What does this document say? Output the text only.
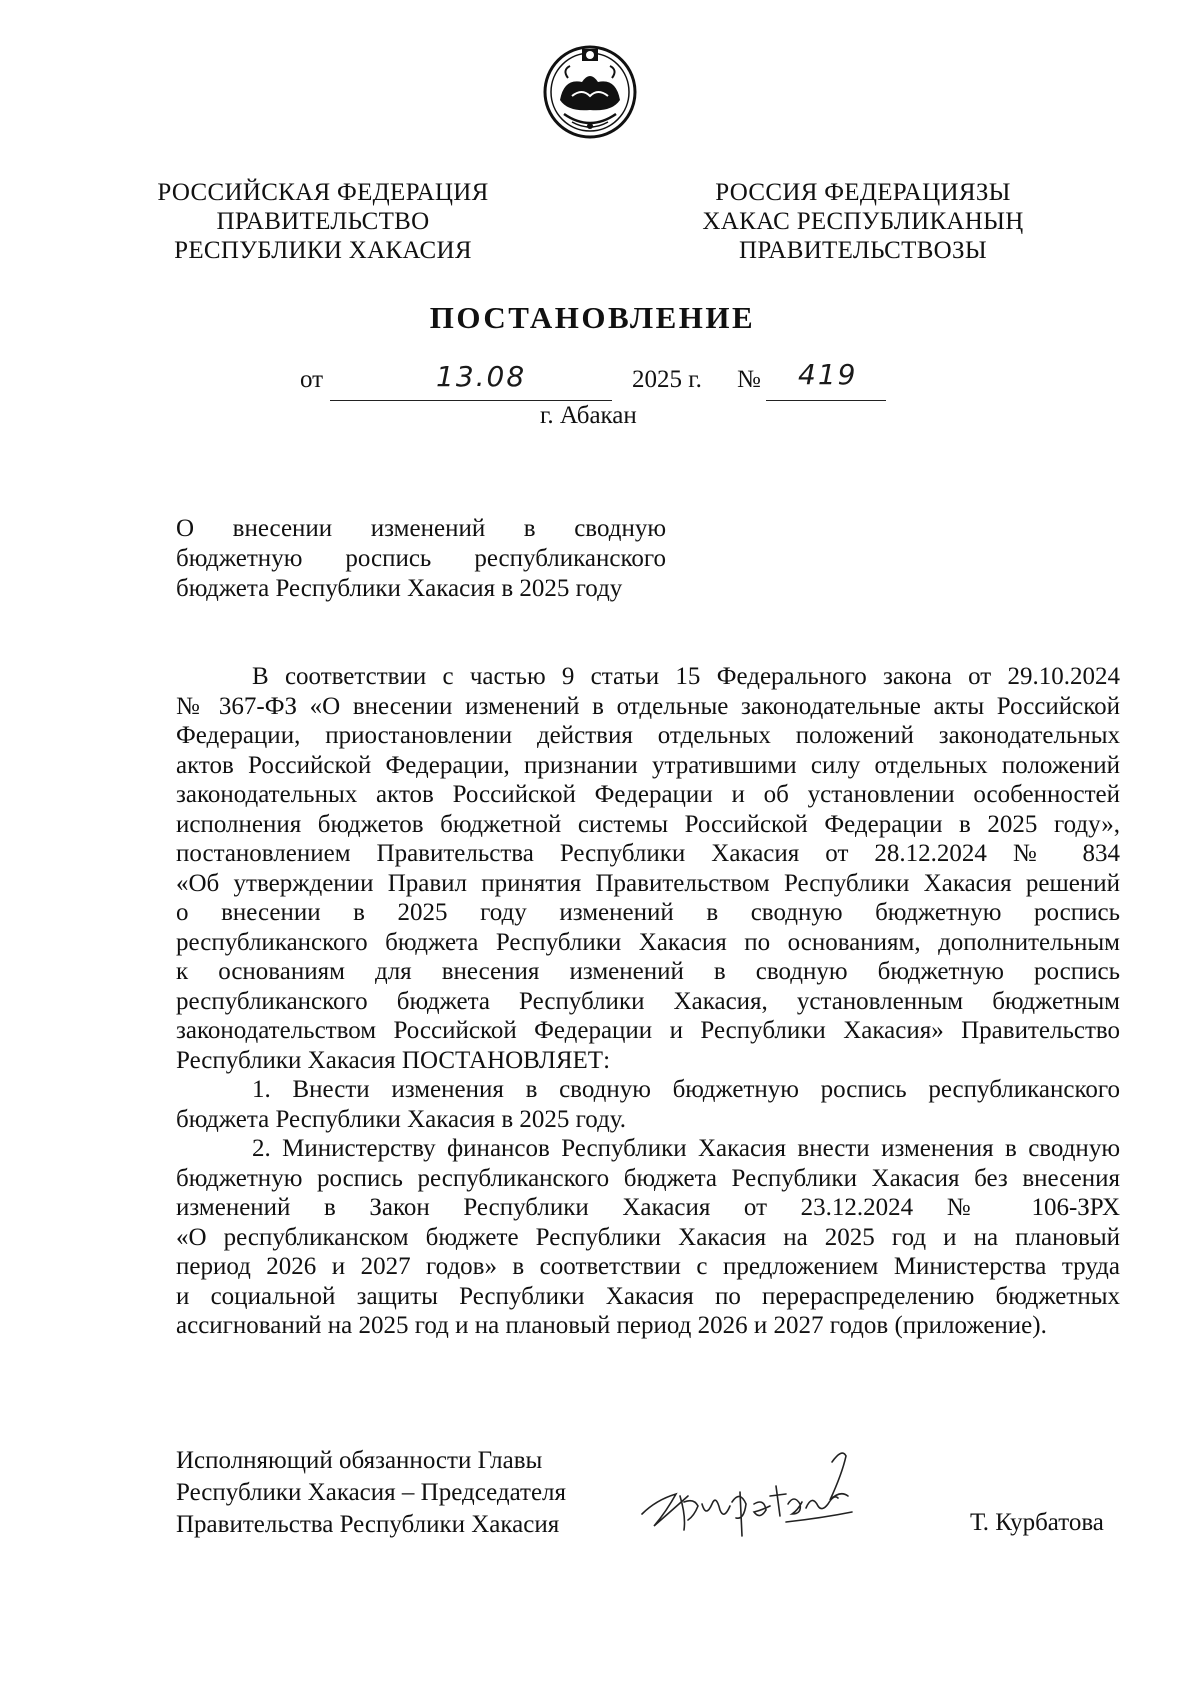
РОССИЙСКАЯ ФЕДЕРАЦИЯ
ПРАВИТЕЛЬСТВО
РЕСПУБЛИКИ ХАКАСИЯ
РОССИЯ ФЕДЕРАЦИЯЗЫ
ХАКАС РЕСПУБЛИКАНЫҢ
ПРАВИТЕЛЬСТВОЗЫ
ПОСТАНОВЛЕНИЕ
от	13.08	2025 г. № 419
г. Абакан

О внесении изменений в сводную

бюджетную роспись республиканского

бюджета Республики Хакасия в 2025 году

В соответствии с частью 9 статьи 15 Федерального закона от 29.10.2024

№ 367-ФЗ «О внесении изменений в отдельные законодательные акты Российской

Федерации, приостановлении действия отдельных положений законодательных

актов Российской Федерации, признании утратившими силу отдельных положений

законодательных актов Российской Федерации и об установлении особенностей

исполнения бюджетов бюджетной системы Российской Федерации в 2025 году»,

постановлением Правительства Республики Хакасия от 28.12.2024 № 834

«Об утверждении Правил принятия Правительством Республики Хакасия решений

о внесении в 2025 году изменений в сводную бюджетную роспись

республиканского бюджета Республики Хакасия по основаниям, дополнительным

к основаниям для внесения изменений в сводную бюджетную роспись

республиканского бюджета Республики Хакасия, установленным бюджетным

законодательством Российской Федерации и Республики Хакасия» Правительство

Республики Хакасия ПОСТАНОВЛЯЕТ:

1. Внести изменения в сводную бюджетную роспись республиканского

бюджета Республики Хакасия в 2025 году.

2. Министерству финансов Республики Хакасия внести изменения в сводную

бюджетную роспись республиканского бюджета Республики Хакасия без внесения

изменений в Закон Республики Хакасия от 23.12.2024 № 106-ЗРХ

«О республиканском бюджете Республики Хакасия на 2025 год и на плановый

период 2026 и 2027 годов» в соответствии с предложением Министерства труда

и социальной защиты Республики Хакасия по перераспределению бюджетных

ассигнований на 2025 год и на плановый период 2026 и 2027 годов (приложение).

Исполняющий обязанности Главы
Республики Хакасия – Председателя
Правительства Республики Хакасия	Т. Курбатова
